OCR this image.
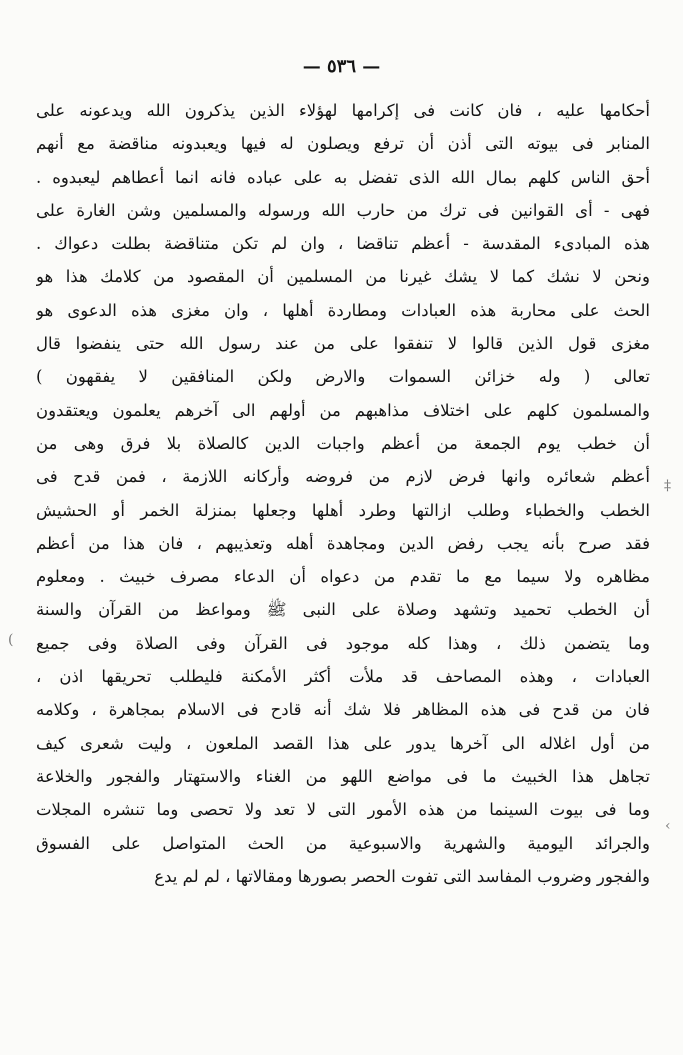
— ٥٣٦ —
أحكامها عليه ، فان كانت فى إكرامها لهؤلاء الذين يذكرون الله ويدعونه على
المنابر فى بيوته التى أذن أن ترفع ويصلون له فيها ويعبدونه مناقضة مع أنهم
أحق الناس كلهم بمال الله الذى تفضل به على عباده فانه انما أعطاهم ليعبدوه .
فهى - أى القوانين فى ترك من حارب الله ورسوله والمسلمين وشن الغارة على
هذه المبادىء المقدسة - أعظم تناقضا ، وان لم تكن متناقضة بطلت دعواك .
ونحن لا نشك كما لا يشك غيرنا من المسلمين أن المقصود من كلامك هذا هو
الحث على محاربة هذه العبادات ومطاردة أهلها ، وان مغزى هذه الدعوى هو
مغزى قول الذين قالوا لا تنفقوا على من عند رسول الله حتى ينفضوا قال
تعالى ( وله خزائن السموات والارض ولكن المنافقين لا يفقهون )
والمسلمون كلهم على اختلاف مذاهبهم من أولهم الى آخرهم يعلمون ويعتقدون
أن خطب يوم الجمعة من أعظم واجبات الدين كالصلاة بلا فرق وهى من
أعظم شعائره وانها فرض لازم من فروضه وأركانه اللازمة ، فمن قدح فى
الخطب والخطباء وطلب ازالتها وطرد أهلها وجعلها بمنزلة الخمر أو الحشيش
فقد صرح بأنه يجب رفض الدين ومجاهدة أهله وتعذيبهم ، فان هذا من أعظم
مظاهره ولا سيما مع ما تقدم من دعواه أن الدعاء مصرف خبيث . ومعلوم
أن الخطب تحميد وتشهد وصلاة على النبى ﷺ ومواعظ من القرآن والسنة
وما يتضمن ذلك ، وهذا كله موجود فى القرآن وفى الصلاة وفى جميع
العبادات ، وهذه المصاحف قد ملأت أكثر الأمكنة فليطلب تحريقها اذن ،
فان من قدح فى هذه المظاهر فلا شك أنه قادح فى الاسلام بمجاهرة ، وكلامه
من أول اغلاله الى آخرها يدور على هذا القصد الملعون ، وليت شعرى كيف
تجاهل هذا الخبيث ما فى مواضع اللهو من الغناء والاستهتار والفجور والخلاعة
وما فى بيوت السينما من هذه الأمور التى لا تعد ولا تحصى وما تنشره المجلات
والجرائد اليومية والشهرية والاسبوعية من الحث المتواصل على الفسوق
والفجور وضروب المفاسد التى تفوت الحصر بصورها ومقالاتها ، لم لم يدع
‡
(
‹
